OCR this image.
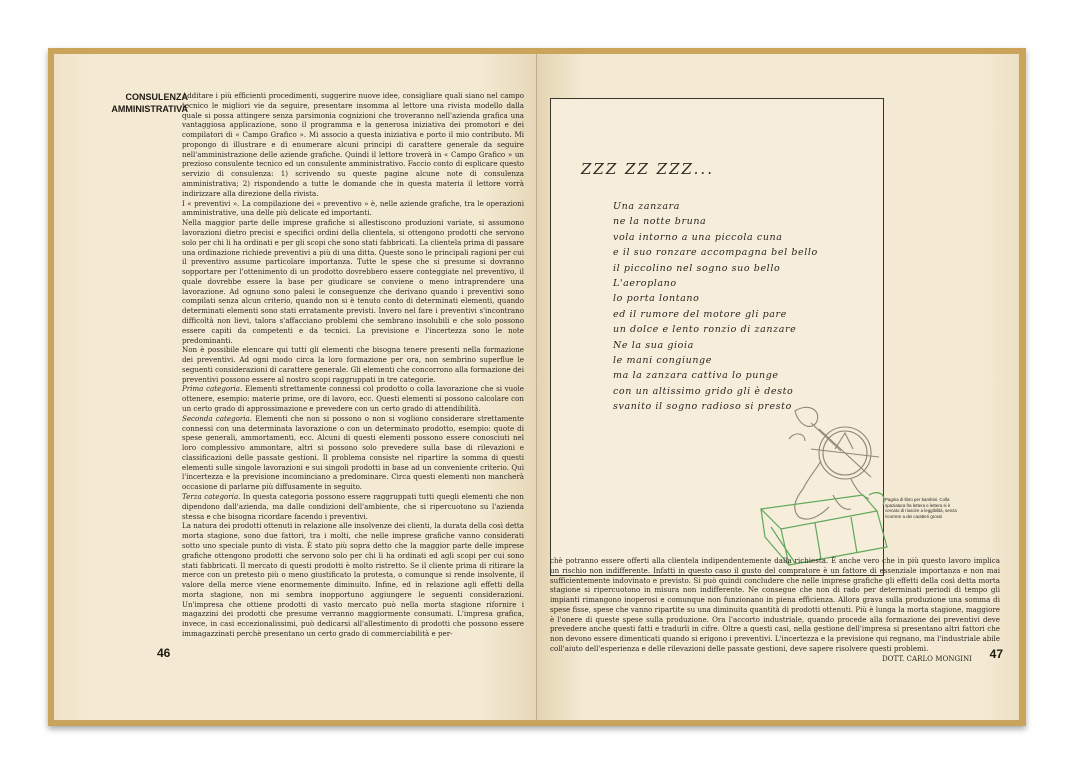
CONSULENZA
AMMINISTRATIVA

Additare i più efficienti procedimenti, suggerire nuove idee, consigliare quali siano nel campo tecnico le migliori vie da seguire, presentare insomma al lettore una rivista modello dalla quale si possa attingere senza parsimonia cognizioni che troveranno nell'azienda grafica una vantaggiosa applicazione, sono il programma e la generosa iniziativa dei promotori e dei compilatori di « Campo Grafico ». Mi associo a questa iniziativa e porto il mio contributo. Mi propongo di illustrare e di enumerare alcuni principi di carattere generale da seguire nell'amministrazione delle aziende grafiche. Quindi il lettore troverà in « Campo Grafico » un prezioso consulente tecnico ed un consulente amministrativo. Faccio conto di esplicare questo servizio di consulenza: 1) scrivendo su queste pagine alcune note di consulenza amministrativa; 2) rispondendo a tutte le domande che in questa materia il lettore vorrà indirizzare alla direzione della rivista.

I « preventivi ». La compilazione dei « preventivo » è, nelle aziende grafiche, tra le operazioni amministrative, una delle più delicate ed importanti.

Nella maggior parte delle imprese grafiche si allestiscono produzioni variate, si assumono lavorazioni dietro precisi e specifici ordini della clientela, si ottengono prodotti che servono solo per chi li ha ordinati e per gli scopi che sono stati fabbricati. La clientela prima di passare una ordinazione richiede preventivi a più di una ditta. Queste sono le principali ragioni per cui il preventivo assume particolare importanza. Tutte le spese che si presume si dovranno sopportare per l'ottenimento di un prodotto dovrebbero essere conteggiate nel preventivo, il quale dovrebbe essere la base per giudicare se conviene o meno intraprendere una lavorazione. Ad ognuno sono palesi le conseguenze che derivano quando i preventivi sono compilati senza alcun criterio, quando non si è tenuto conto di determinati elementi, quando determinati elementi sono stati erratamente previsti. Invero nel fare i preventivi s'incontrano difficoltà non lievi, talora s'affacciano problemi che sembrano insolubili e che solo possono essere capiti da competenti e da tecnici. La previsione e l'incertezza sono le note predominanti.

Non è possibile elencare qui tutti gli elementi che bisogna tenere presenti nella formazione dei preventivi. Ad ogni modo circa la loro formazione per ora, non sembrino superflue le seguenti considerazioni di carattere generale. Gli elementi che concorrono alla formazione dei preventivi possono essere al nostro scopi raggruppati in tre categorie.

Prima categoria. Elementi strettamente connessi col prodotto o colla lavorazione che si vuole ottenere, esempio: materie prime, ore di lavoro, ecc. Questi elementi si possono calcolare con un certo grado di approssimazione e prevedere con un certo grado di attendibilità.

Seconda categoria. Elementi che non si possono o non si vogliono considerare strettamente connessi con una determinata lavorazione o con un determinato prodotto, esempio: quote di spese generali, ammortamenti, ecc. Alcuni di questi elementi possono essere conosciuti nel loro complessivo ammontare, altri si possono solo prevedere sulla base di rilevazioni e classificazioni delle passate gestioni. Il problema consiste nel ripartire la somma di questi elementi sulle singole lavorazioni e sui singoli prodotti in base ad un conveniente criterio. Qui l'incertezza e la previsione incominciano a predominare. Circa questi elementi non mancherà occasione di parlarne più diffusamente in seguito.

Terza categoria. In questa categoria possono essere raggruppati tutti quegli elementi che non dipendono dall'azienda, ma dalle condizioni dell'ambiente, che si ripercuotono su l'azienda stessa e che bisogna ricordare facendo i preventivi.

La natura dei prodotti ottenuti in relazione alle insolvenze dei clienti, la durata della così detta morta stagione, sono due fattori, tra i molti, che nelle imprese grafiche vanno considerati sotto uno speciale punto di vista. È stato più sopra detto che la maggior parte delle imprese grafiche ottengono prodotti che servono solo per chi li ha ordinati ed agli scopi per cui sono stati fabbricati. Il mercato di questi prodotti è molto ristretto. Se il cliente prima di ritirare la merce con un pretesto più o meno giustificato la protesta, o comunque si rende insolvente, il valore della merce viene enormemente diminuito. Infine, ed in relazione agli effetti della morta stagione, non mi sembra inopportuno aggiungere le seguenti considerazioni. Un'impresa che ottiene prodotti di vasto mercato può nella morta stagione rifornire i magazzini dei prodotti che presume verranno maggiormente consumati. L'impresa grafica, invece, in casi eccezionalissimi, può dedicarsi all'allestimento di prodotti che possono essere immagazzinati perchè presentano un certo grado di commerciabilità e per-

46
ZZZ ZZ ZZZ...
Una zanzara
ne la notte bruna
vola intorno a una piccola cuna
e il suo ronzare accompagna bel bello
il piccolino nel sogno suo bello
L'aeroplano
lo porta lontano
ed il rumore del motore gli pare
un dolce e lento ronzio di zanzare
Ne la sua gioia
le mani congiunge
ma la zanzara cattiva lo punge
con un altissimo grido gli è desto
svanito il sogno radioso si presto
Pagina di libro per bambini. Colla spaziatura fra lettera e lettera si è cercato di riuscire a leggibilità, senza ricorrere a dei caratteri grossi

chè potranno essere offerti alla clientela indipendentemente dalla richiesta. È anche vero che in più questo lavoro implica un rischio non indifferente. Infatti in questo caso il gusto del compratore è un fattore di essenziale importanza e non mai sufficientemente indovinato e previsto. Si può quindi concludere che nelle imprese grafiche gli effetti della così detta morta stagione si ripercuotono in misura non indifferente. Ne consegue che non di rado per determinati periodi di tempo gli impianti rimangono inoperosi e comunque non funzionano in piena efficienza. Allora grava sulla produzione una somma di spese fisse, spese che vanno ripartite su una diminuita quantità di prodotti ottenuti. Più è lunga la morta stagione, maggiore è l'onere di queste spese sulla produzione. Ora l'accorto industriale, quando procede alla formazione dei preventivi deve prevedere anche questi fatti e tradurli in cifre. Oltre a questi casi, nella gestione dell'impresa si presentano altri fattori che non devono essere dimenticati quando si erigono i preventivi. L'incertezza e la previsione qui regnano, ma l'industriale abile coll'aiuto dell'esperienza e delle rilevazioni delle passate gestioni, deve sapere risolvere questi problemi.

DOTT. CARLO MONGINI	47
